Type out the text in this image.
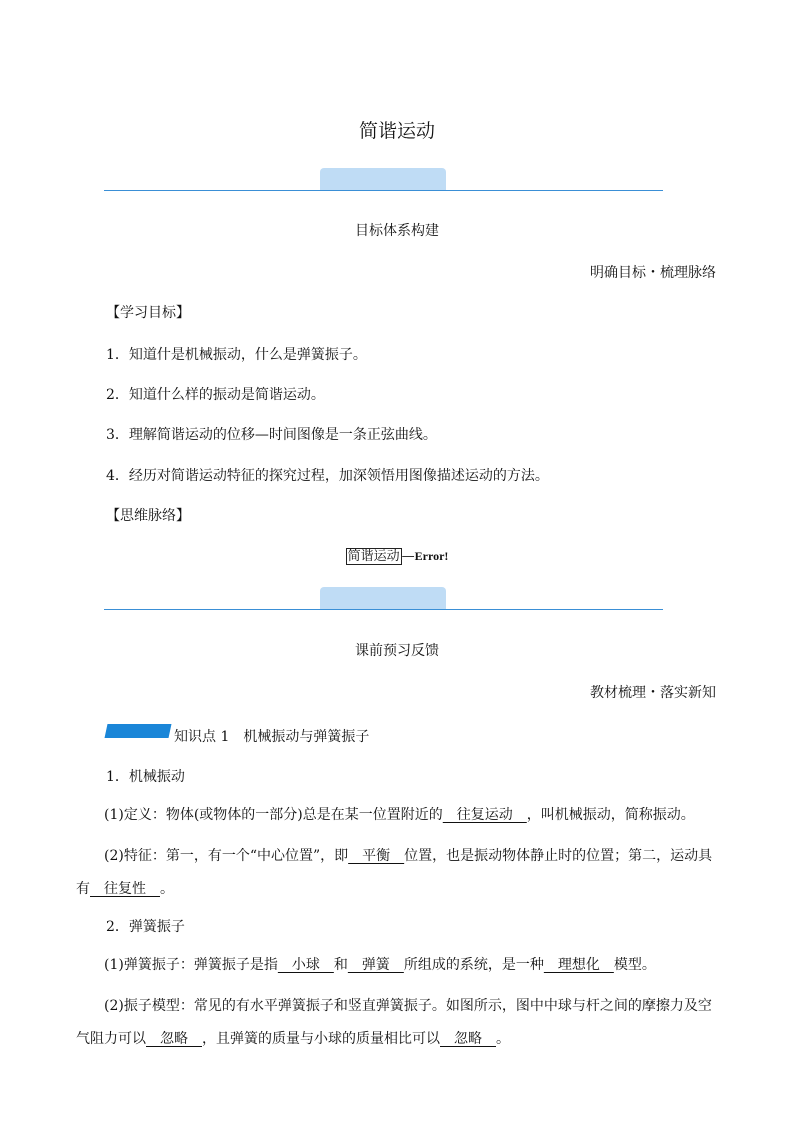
简谐运动
目标体系构建
明确目标・梳理脉络
【学习目标】
1．知道什是机械振动，什么是弹簧振子。
2．知道什么样的振动是简谐运动。
3．理解简谐运动的位移—时间图像是一条正弦曲线。
4．经历对简谐运动特征的探究过程，加深领悟用图像描述运动的方法。
【思维脉络】
简谐运动 —Error!
课前预习反馈
教材梳理・落实新知
知识点 1　机械振动与弹簧振子
1．机械振动
(1)定义：物体(或物体的一部分)总是在某一位置附近的　往复运动　，叫机械振动，简称振动。
(2)特征：第一，有一个“中心位置”，即　平衡　位置，也是振动物体静止时的位置；第二，运动具有　往复性　。
2．弹簧振子
(1)弹簧振子：弹簧振子是指　小球　和　弹簧　所组成的系统，是一种　理想化　模型。
(2)振子模型：常见的有水平弹簧振子和竖直弹簧振子。如图所示，图中中球与杆之间的摩擦力及空气阻力可以　忽略　，且弹簧的质量与小球的质量相比可以　忽略　。
